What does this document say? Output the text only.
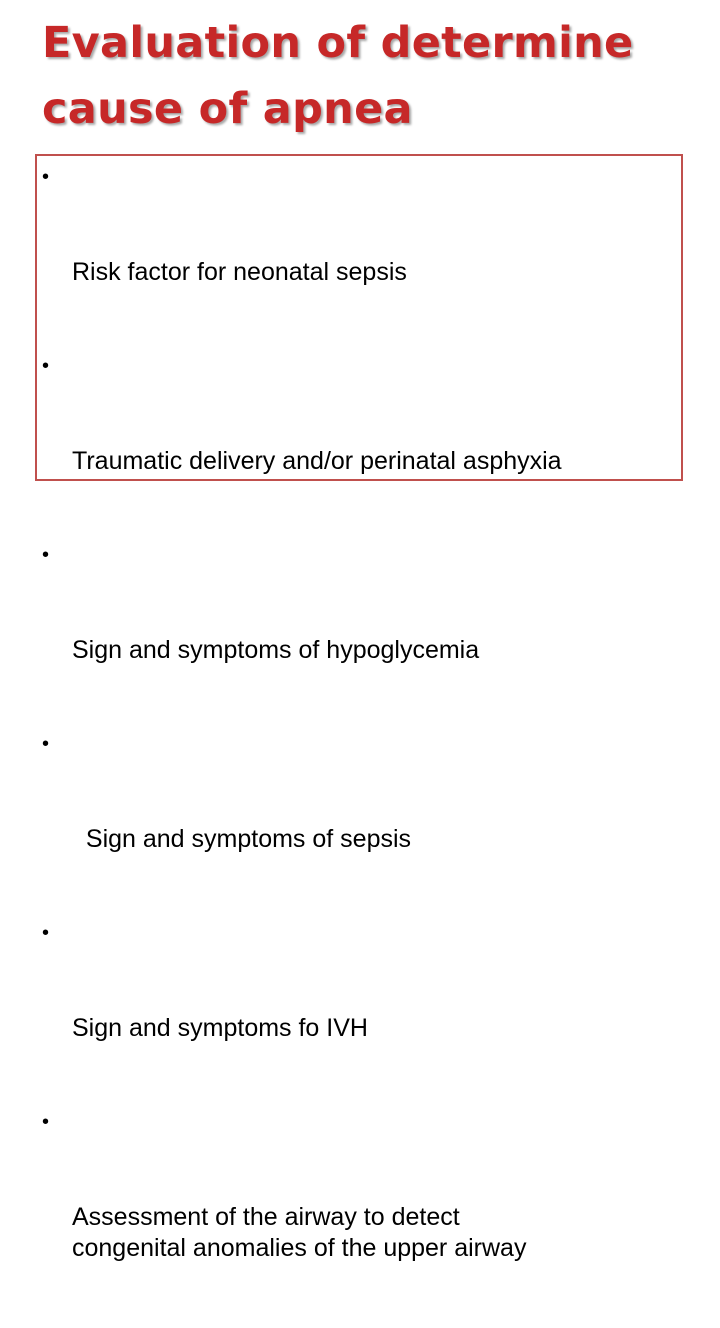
Evaluation of determine
cause of apnea

•

Risk factor for neonatal sepsis

•

Traumatic delivery and/or perinatal asphyxia

•

Sign and symptoms of hypoglycemia

•

Sign and symptoms of sepsis

•

Sign and symptoms fo IVH

•

Assessment of the airway to detect
congenital anomalies of the upper airway
